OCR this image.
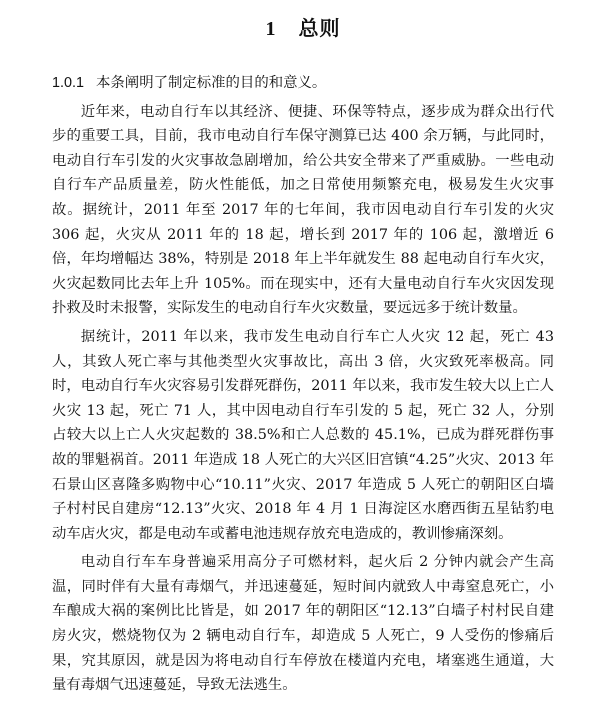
1 总则

1.0.1 本条阐明了制定标准的目的和意义。

近年来，电动自行车以其经济、便捷、环保等特点，逐步成为群众出行代步的重要工具，目前，我市电动自行车保守测算已达 400 余万辆，与此同时，电动自行车引发的火灾事故急剧增加，给公共安全带来了严重威胁。一些电动自行车产品质量差，防火性能低，加之日常使用频繁充电，极易发生火灾事故。据统计，2011 年至 2017 年的七年间，我市因电动自行车引发的火灾 306 起，火灾从 2011 年的 18 起，增长到 2017 年的 106 起，激增近 6 倍，年均增幅达 38%，特别是 2018 年上半年就发生 88 起电动自行车火灾，火灾起数同比去年上升 105%。而在现实中，还有大量电动自行车火灾因发现扑救及时未报警，实际发生的电动自行车火灾数量，要远远多于统计数量。

据统计，2011 年以来，我市发生电动自行车亡人火灾 12 起，死亡 43 人，其致人死亡率与其他类型火灾事故比，高出 3 倍，火灾致死率极高。同时，电动自行车火灾容易引发群死群伤，2011 年以来，我市发生较大以上亡人火灾 13 起，死亡 71 人，其中因电动自行车引发的 5 起，死亡 32 人，分别占较大以上亡人火灾起数的 38.5%和亡人总数的 45.1%，已成为群死群伤事故的罪魁祸首。2011 年造成 18 人死亡的大兴区旧宫镇“4.25”火灾、2013 年石景山区喜隆多购物中心“10.11”火灾、2017 年造成 5 人死亡的朝阳区白墙子村村民自建房“12.13”火灾、2018 年 4 月 1 日海淀区水磨西街五星钻豹电动车店火灾，都是电动车或蓄电池违规存放充电造成的，教训惨痛深刻。

电动自行车车身普遍采用高分子可燃材料，起火后 2 分钟内就会产生高温，同时伴有大量有毒烟气，并迅速蔓延，短时间内就致人中毒窒息死亡，小车酿成大祸的案例比比皆是，如 2017 年的朝阳区“12.13”白墙子村村民自建房火灾，燃烧物仅为 2 辆电动自行车，却造成 5 人死亡，9 人受伤的惨痛后果，究其原因，就是因为将电动自行车停放在楼道内充电，堵塞逃生通道，大量有毒烟气迅速蔓延，导致无法逃生。
